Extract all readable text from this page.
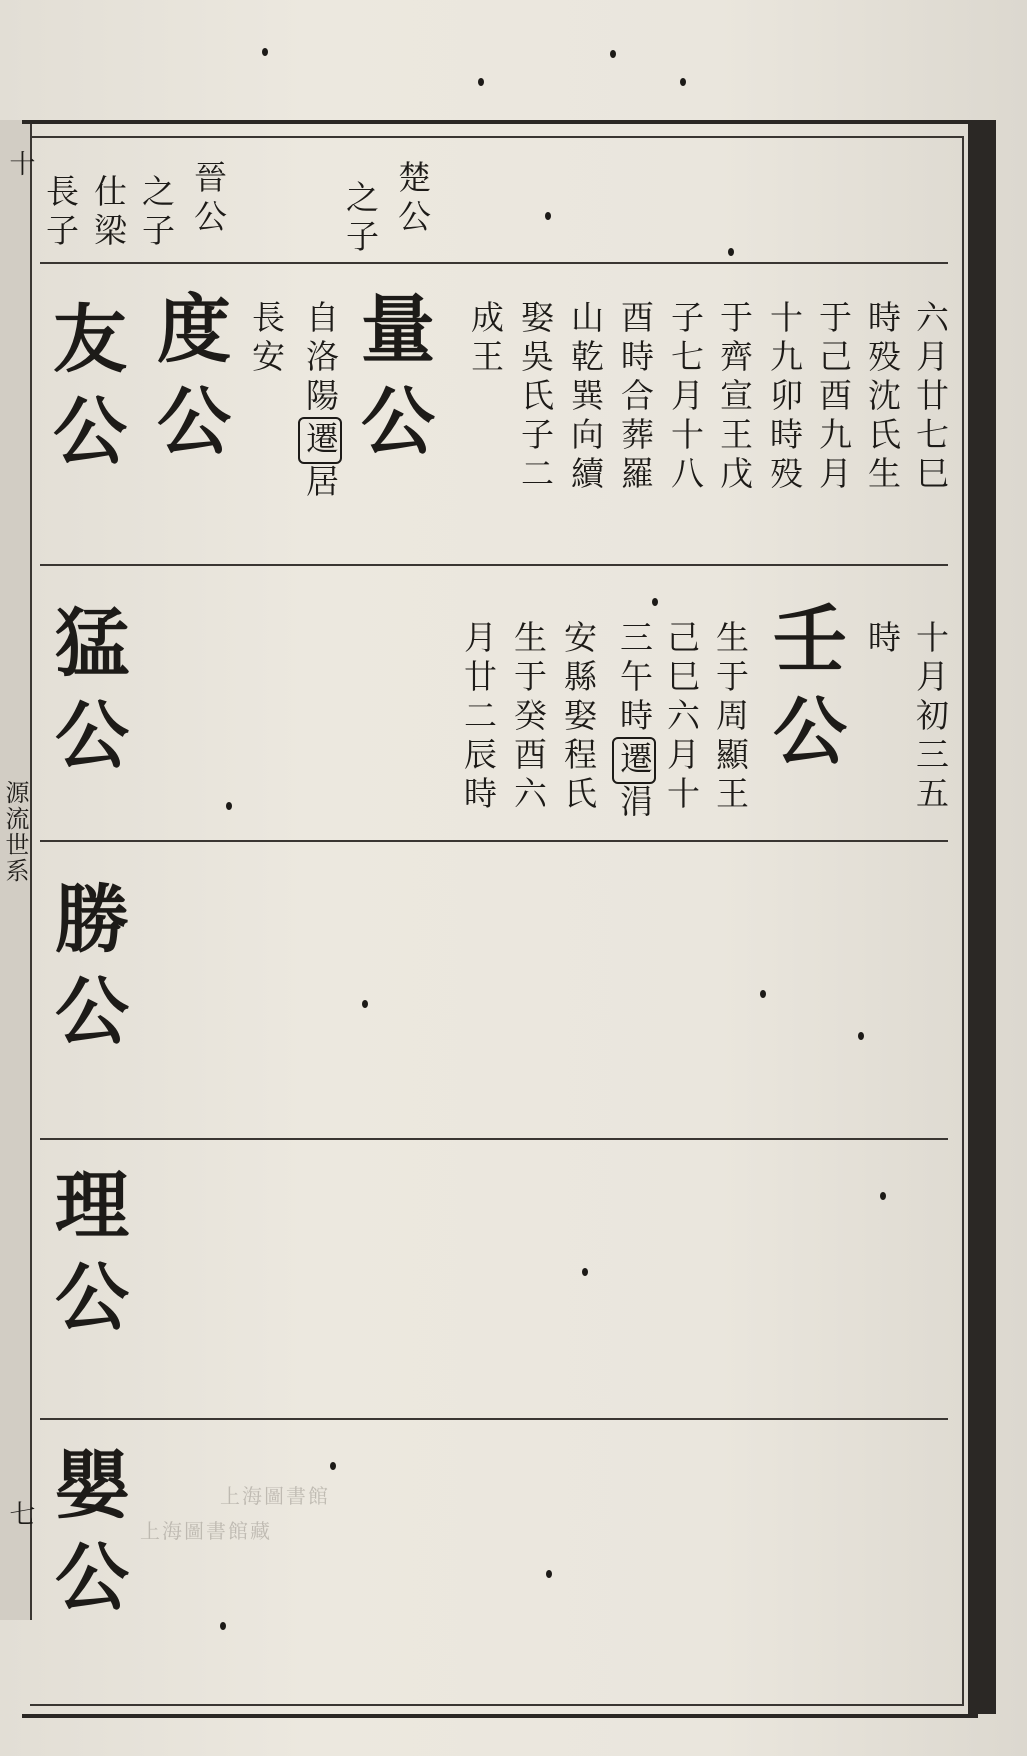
十
源流世系
七
楚公
之子
晉公
之子
仕梁
長子
六月廿七巳
時殁沈氏生
于己酉九月
十九卯時殁
于齊宣王戊
子七月十八
酉時合葬羅
山乾巽向續
娶吳氏子二
成王
量公
自洛陽遷居
長安
度公
友公
十月初三五
時
壬公
生于周顯王
己巳六月十
三午時遷涓
安縣娶程氏
生于癸酉六
月廿二辰時
猛公
勝公
理公
嬰公	上海圖書館
上海圖書館藏
